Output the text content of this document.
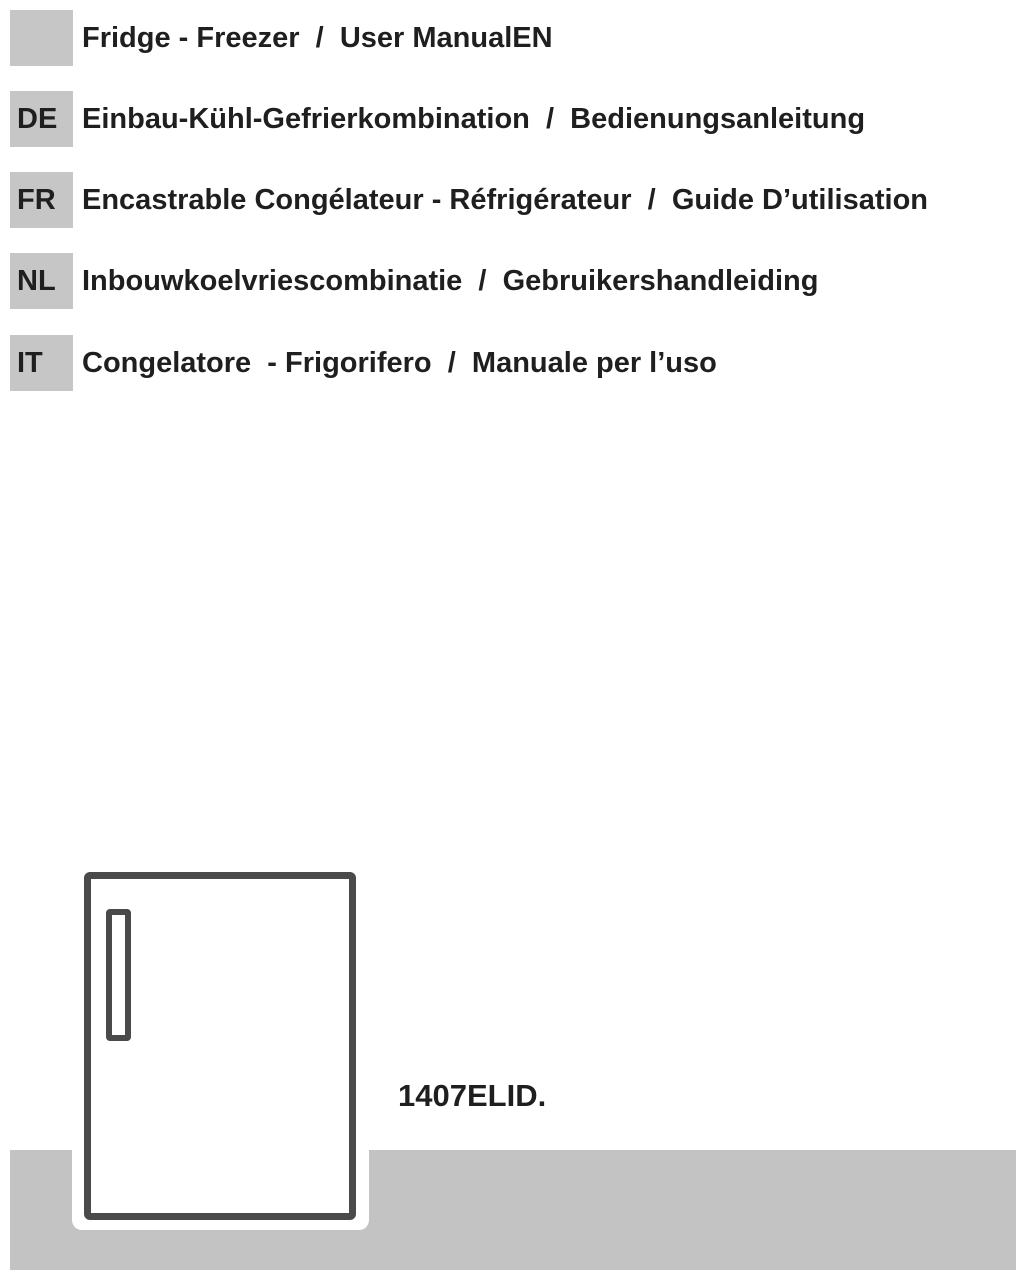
Fridge - Freezer  /  User ManualEN
DE Einbau-Kühl-Gefrierkombination  /  Bedienungsanleitung
FR Encastrable Congélateur - Réfrigérateur  /  Guide D’utilisation
NL Inbouwkoelvriescombinatie  /  Gebruikershandleiding
IT	Congelatore  - Frigorifero  /  Manuale per l’uso
1407ELID.
